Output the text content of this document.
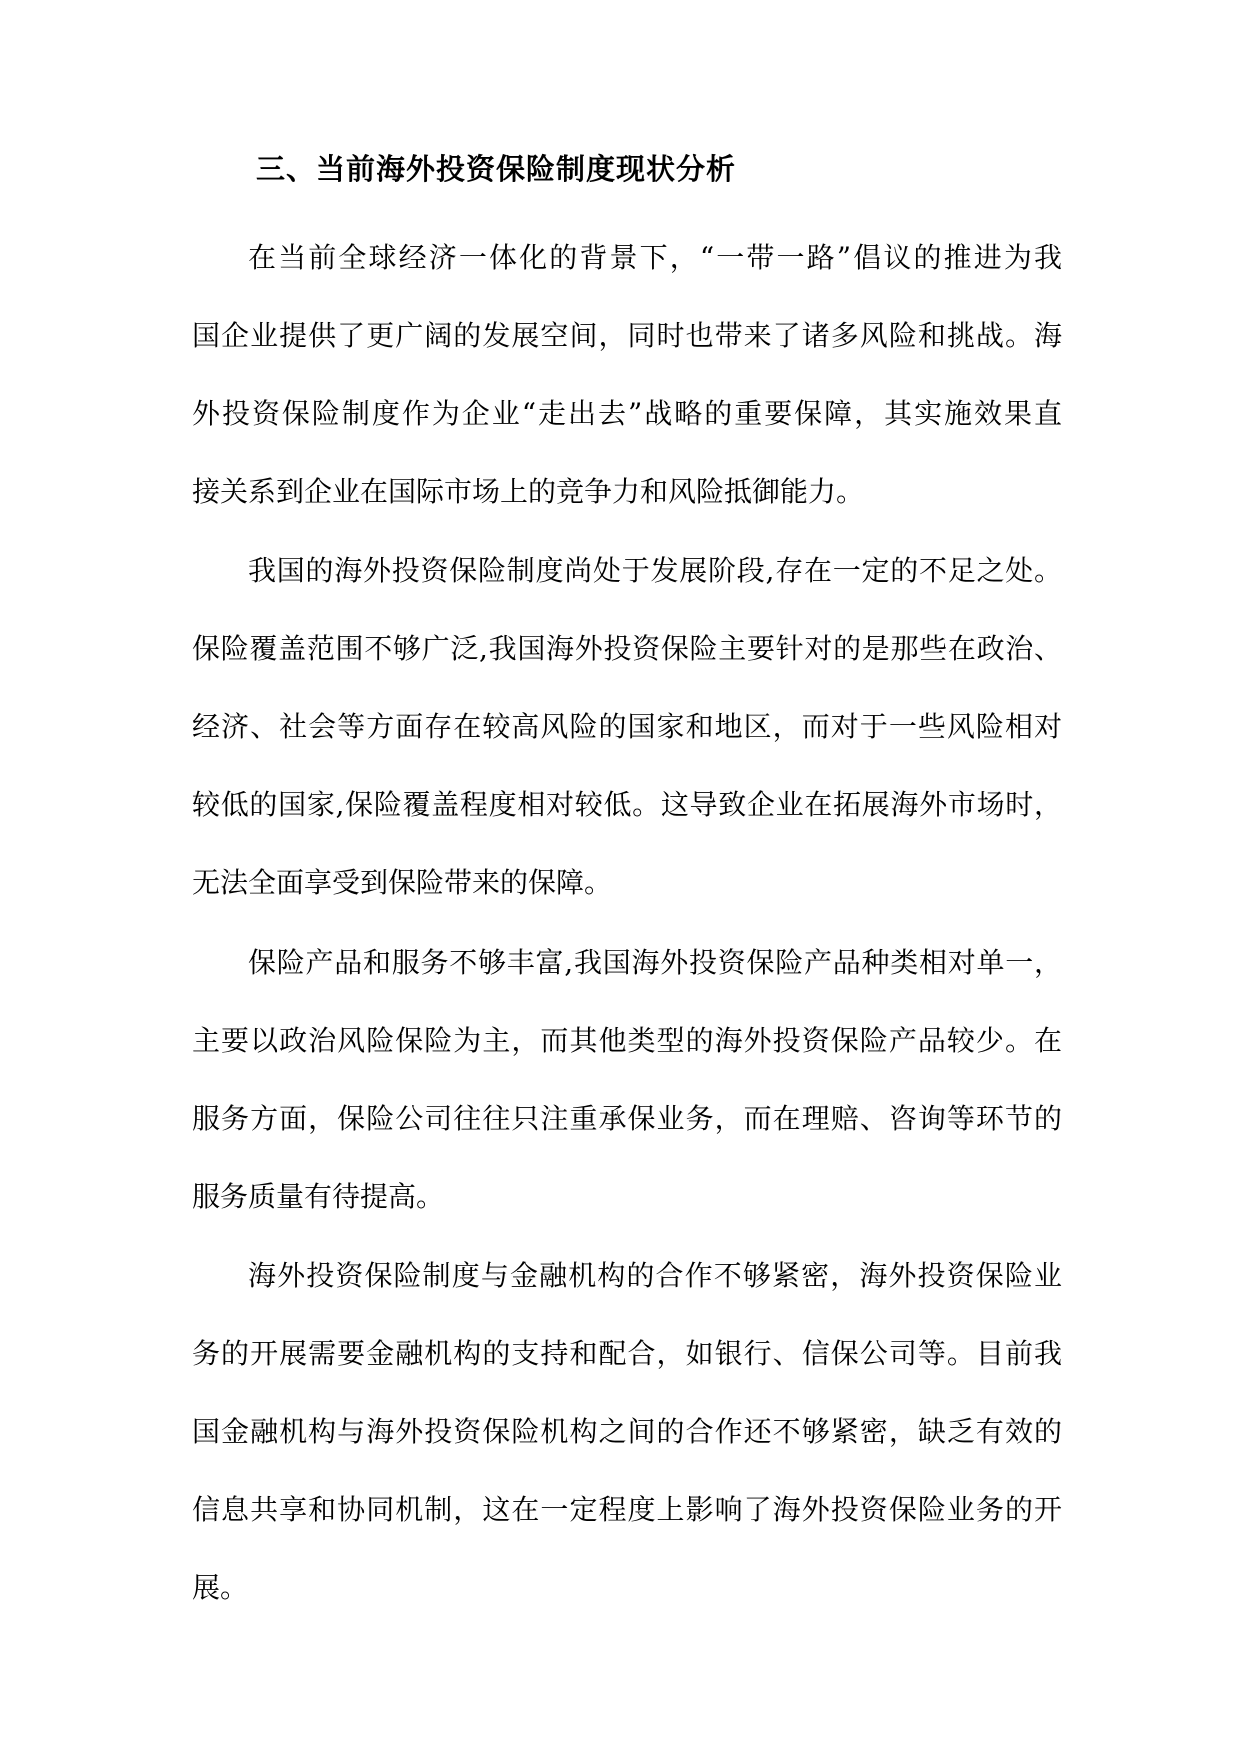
三、当前海外投资保险制度现状分析

在当前全球经济一体化的背景下，“一带一路”倡议的推进为我
国企业提供了更广阔的发展空间，同时也带来了诸多风险和挑战。海
外投资保险制度作为企业“走出去”战略的重要保障，其实施效果直
接关系到企业在国际市场上的竞争力和风险抵御能力。

我国的海外投资保险制度尚处于发展阶段,存在一定的不足之处。
保险覆盖范围不够广泛,我国海外投资保险主要针对的是那些在政治、
经济、社会等方面存在较高风险的国家和地区，而对于一些风险相对
较低的国家,保险覆盖程度相对较低。这导致企业在拓展海外市场时，
无法全面享受到保险带来的保障。

保险产品和服务不够丰富,我国海外投资保险产品种类相对单一，
主要以政治风险保险为主，而其他类型的海外投资保险产品较少。在
服务方面，保险公司往往只注重承保业务，而在理赔、咨询等环节的
服务质量有待提高。

海外投资保险制度与金融机构的合作不够紧密，海外投资保险业
务的开展需要金融机构的支持和配合，如银行、信保公司等。目前我
国金融机构与海外投资保险机构之间的合作还不够紧密，缺乏有效的
信息共享和协同机制，这在一定程度上影响了海外投资保险业务的开
展。
